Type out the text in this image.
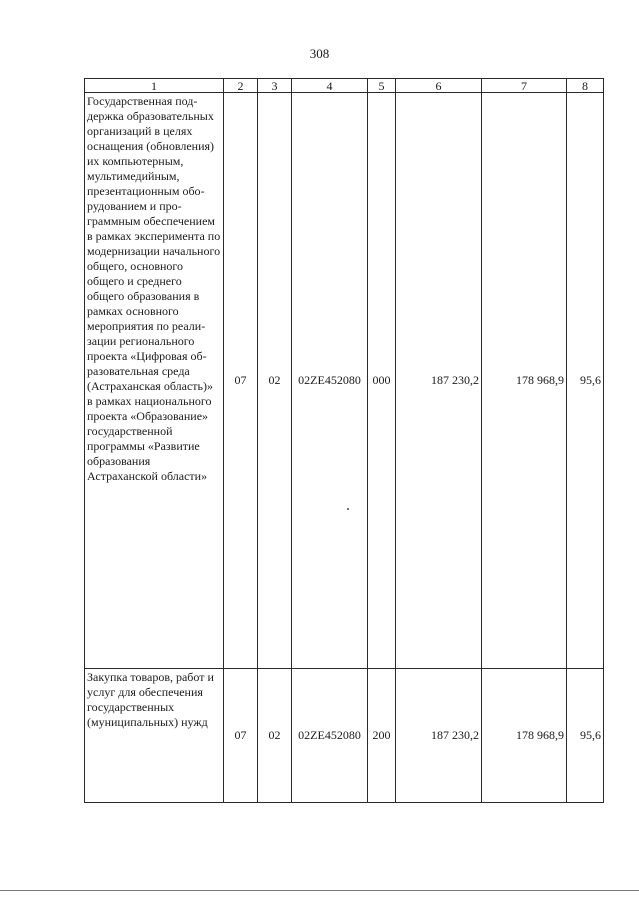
308
1	2	3	4	5	6	7	8
Государственная поддержка образовательных организаций в целях оснащения (обновления) их компьютерным, мультимедийным, презентационным оборудованием и программным обеспечением в рамках эксперимента по модернизации начального общего, основного общего и среднего общего образования в рамках основного мероприятия по реализации регионального проекта «Цифровая образовательная среда (Астраханская область)» в рамках национального проекта «Образование» государственной программы «Развитие образования Астраханской области»	07	02	02ZE452080	000	187 230,2	178 968,9	95,6
Закупка товаров, работ и услуг для обеспечения государственных (муниципальных) нужд	07	02	02ZE452080	200	187 230,2	178 968,9	95,6
